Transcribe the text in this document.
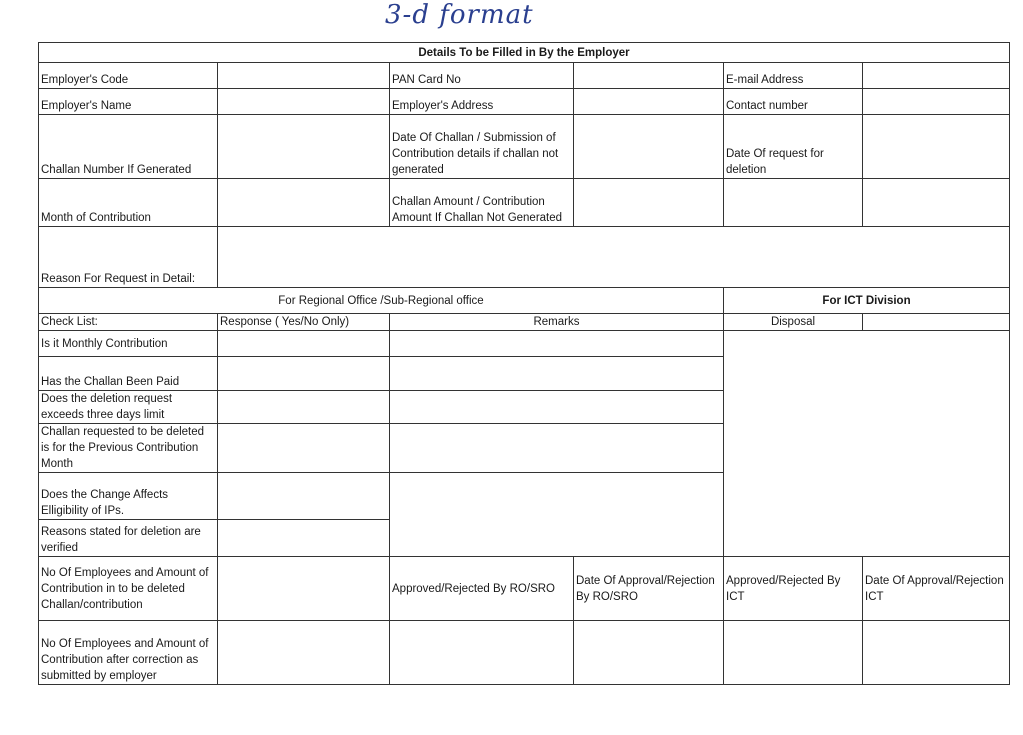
3-d format
Details To be Filled in By the Employer					
Employer's Code		PAN Card No		E-mail Address	
Employer's Name		Employer's Address		Contact number	
Challan Number If Generated		Date Of Challan / Submission of Contribution details if challan not generated		Date Of request for deletion	
Month of Contribution		Challan Amount / Contribution Amount If Challan Not Generated			
Reason For Request in Detail:					
For Regional Office /Sub-Regional office				For ICT Division	
Check List:	Response ( Yes/No Only)	Remarks		Disposal	
Is it Monthly Contribution					
Has the Challan Been Paid					
Does the deletion request exceeds three days limit					
Challan requested to be deleted is for the Previous Contribution Month					
Does the Change Affects Elligibility of IPs.					
Reasons stated for deletion are verified					
No Of Employees and Amount of Contribution in to be deleted Challan/contribution		Approved/Rejected By RO/SRO	Date Of Approval/Rejection By RO/SRO	Approved/Rejected By ICT	Date Of Approval/Rejection ICT
No Of Employees and Amount of Contribution after correction as submitted by employer					
